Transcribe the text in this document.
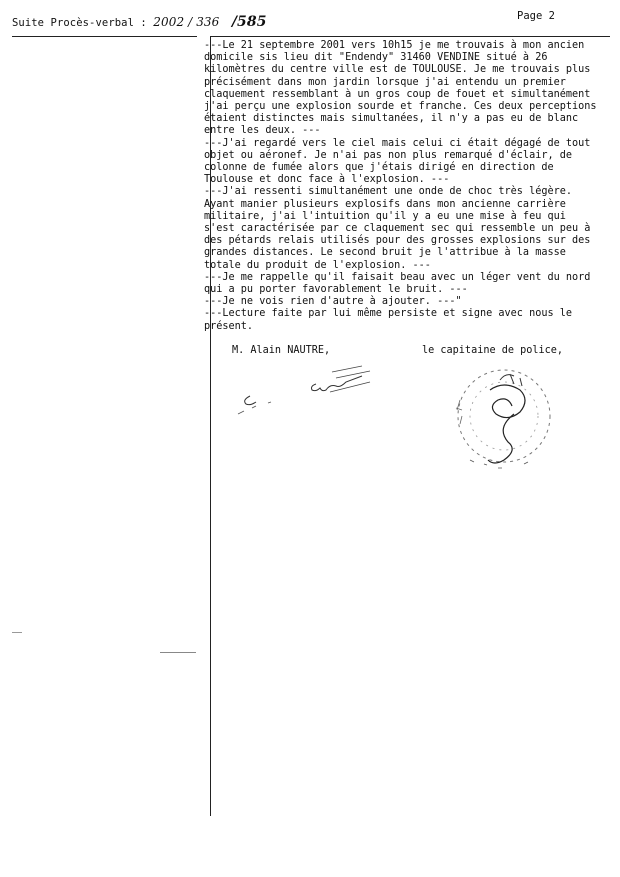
Suite Procès-verbal : 2002 / 336 /585	Page 2
---Le 21 septembre 2001 vers 10h15 je me trouvais à mon ancien
domicile sis lieu dit "Endendy" 31460 VENDINE situé à 26
kilomètres du centre ville est de TOULOUSE. Je me trouvais plus
précisément dans mon jardin lorsque j'ai entendu un premier
claquement ressemblant à un gros coup de fouet et simultanément
j'ai perçu une explosion sourde et franche. Ces deux perceptions
étaient distinctes mais simultanées, il n'y a pas eu de blanc
entre les deux. ---
---J'ai regardé vers le ciel mais celui ci était dégagé de tout
objet ou aéronef. Je n'ai pas non plus remarqué d'éclair, de
colonne de fumée alors que j'étais dirigé en direction de
Toulouse et donc face à l'explosion. ---
---J'ai ressenti simultanément une onde de choc très légère.
Ayant manier plusieurs explosifs dans mon ancienne carrière
militaire, j'ai l'intuition qu'il y a eu une mise à feu qui
s'est caractérisée par ce claquement sec qui ressemble un peu à
des pétards relais utilisés pour des grosses explosions sur des
grandes distances. Le second bruit je l'attribue à la masse
totale du produit de l'explosion. ---
---Je me rappelle qu'il faisait beau avec un léger vent du nord
qui a pu porter favorablement le bruit. ---
---Je ne vois rien d'autre à ajouter. ---"
---Lecture faite par lui même persiste et signe avec nous le
présent.
M. Alain NAUTRE,	le capitaine de police,
